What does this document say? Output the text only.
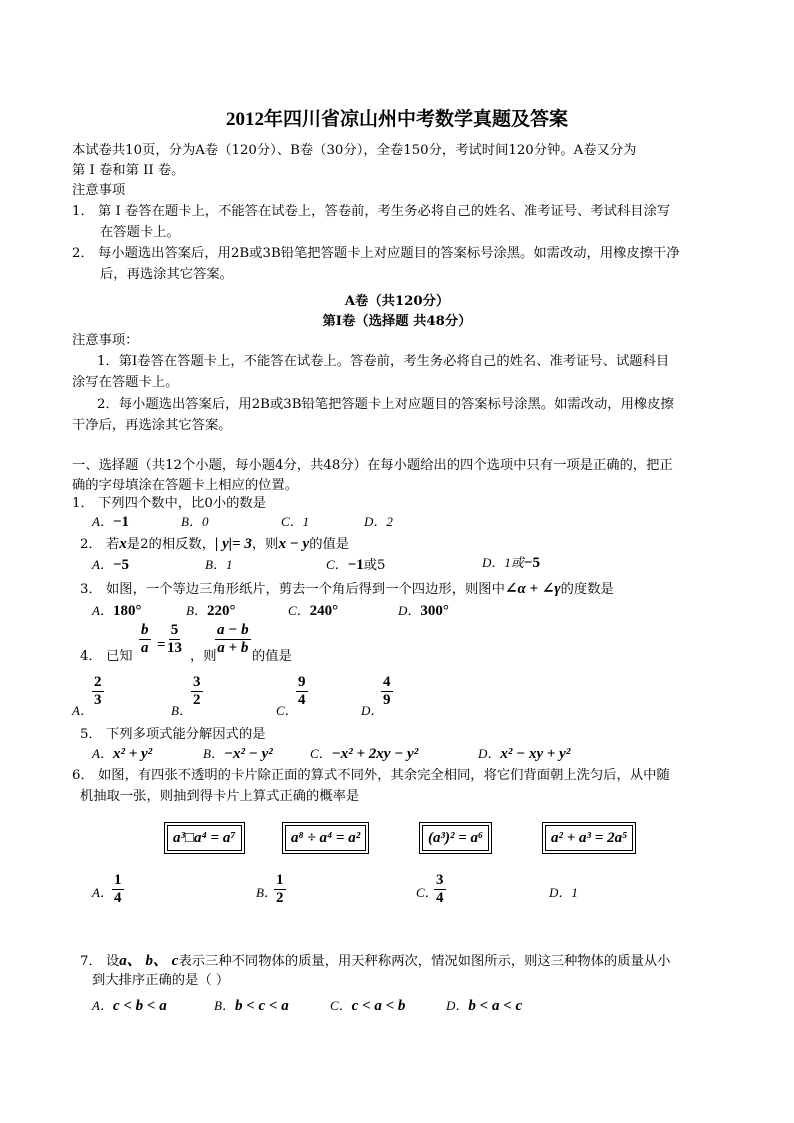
2012年四川省凉山州中考数学真题及答案
本试卷共10页，分为A卷（120分）、B卷（30分），全卷150分，考试时间120分钟。A卷又分为
第 Ⅰ 卷和第 II 卷。
注意事项
1． 第 Ⅰ 卷答在题卡上，不能答在试卷上，答卷前，考生务必将自己的姓名、准考证号、考试科目涂写
在答题卡上。
2． 每小题选出答案后，用2B或3B铅笔把答题卡上对应题目的答案标号涂黑。如需改动，用橡皮擦干净
后，再选涂其它答案。
A卷（共120分）
第Ⅰ卷（选择题 共48分）
注意事项：
1．第Ⅰ卷答在答题卡上，不能答在试卷上。答卷前，考生务必将自己的姓名、准考证号、试题科目
涂写在答题卡上。
2．每小题选出答案后，用2B或3B铅笔把答题卡上对应题目的答案标号涂黑。如需改动，用橡皮擦
干净后，再选涂其它答案。
一、选择题（共12个小题，每小题4分，共48分）在每小题给出的四个选项中只有一项是正确的，把正
确的字母填涂在答题卡上相应的位置。
1． 下列四个数中，比0小的数是
A．−1	B．0	C．1	D．2
2． 若x是2的相反数，| y|= 3，则x − y的值是
A．−5	B．1	C．−1或5	D．1或−5
3． 如图，一个等边三角形纸片，剪去一个角后得到一个四边形，则图中∠α + ∠γ的度数是
A．180°	B．220°	C．240°	D．300°
4． 已知 $\frac{b}{a} = \frac{5}{13}$ ，则
$\frac{a - b}{a + b}$ 的值是
A．
$\frac{2}{3}$
B．
$\frac{3}{2}$
C．
$\frac{9}{4}$
D．
$\frac{4}{9}$
5． 下列多项式能分解因式的是
A．x² + y²	B．−x² − y²	C．−x² + 2xy − y²	D．x² − xy + y²
6． 如图，有四张不透明的卡片除正面的算式不同外，其余完全相同，将它们背面朝上洗匀后，从中随
机抽取一张，则抽到得卡片上算式正确的概率是
a³□a⁴ = a⁷	a⁸ ÷ a⁴ = a²	(a³)² = a⁶	a² + a³ = 2a⁵
A． $\frac{1}{4}$	B．
$\frac{1}{2}$	C．
$\frac{3}{4}$	D．1
7． 设a、 b、 c表示三种不同物体的质量，用天秤称两次，情况如图所示，则这三种物体的质量从小
到大排序正确的是（ ）
A．c < b < a	B．b < c < a	C．c < a < b	D．b < a < c
